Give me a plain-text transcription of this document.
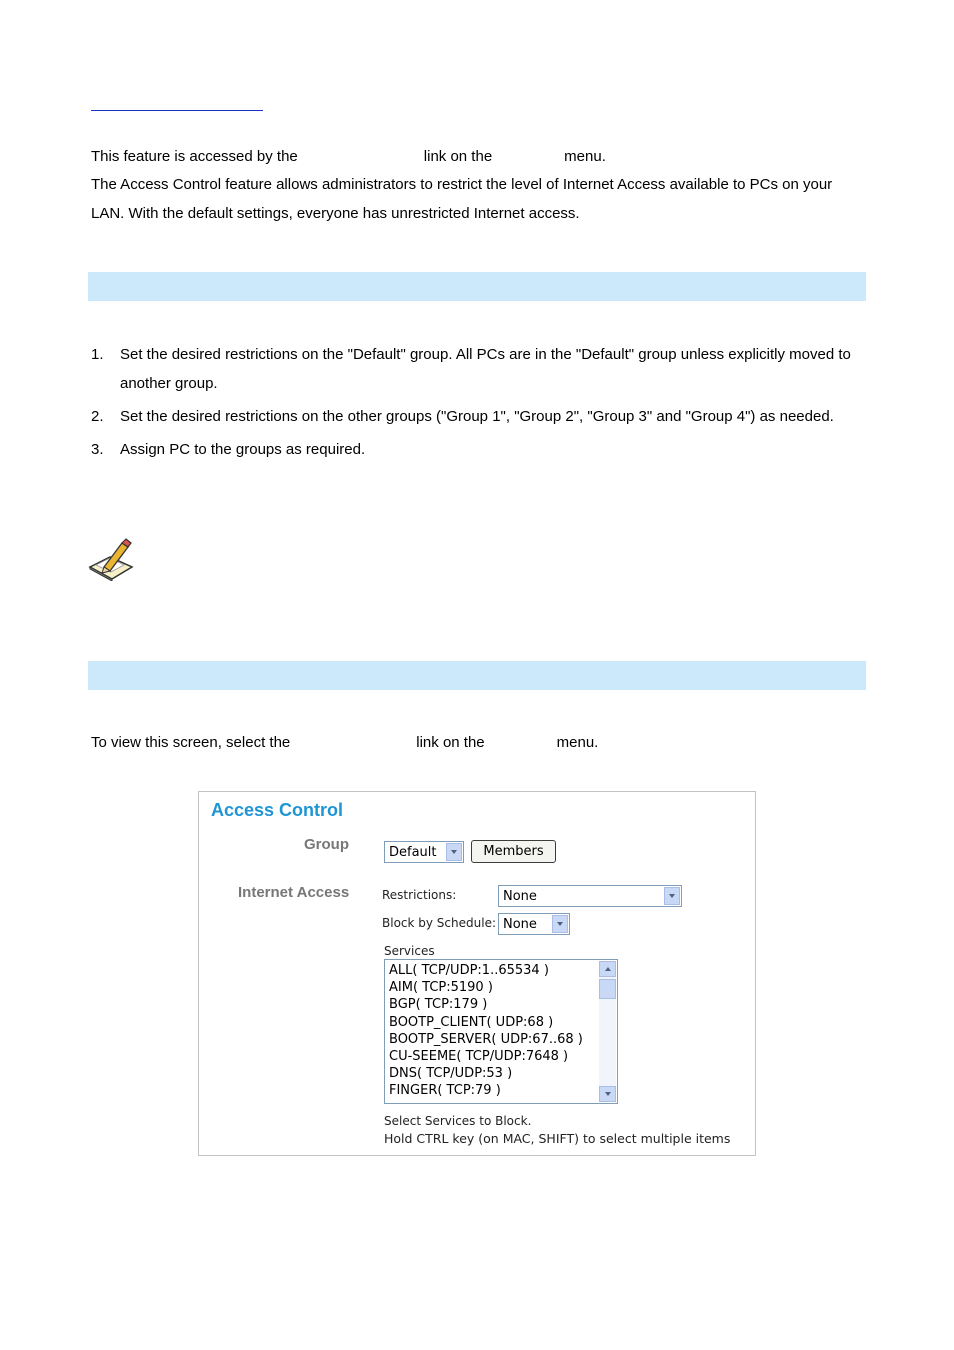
This feature is accessed by the	link on the	menu.

The Access Control feature allows administrators to restrict the level of Internet Access available to PCs on your LAN. With the default settings, everyone has unrestricted Internet access.

1. Set the desired restrictions on the "Default" group. All PCs are in the "Default" group unless explicitly moved to another group.
2. Set the desired restrictions on the other groups ("Group 1", "Group 2", "Group 3" and "Group 4") as needed.
3. Assign PC to the groups as required.

To view this screen, select the	link on the	menu.

Access Control
Group	Default	Members
Internet Access	Restrictions:	None
Block by Schedule: None
Services
ALL( TCP/UDP:1..65534 )
AIM( TCP:5190 )
BGP( TCP:179 )
BOOTP_CLIENT( UDP:68 )
BOOTP_SERVER( UDP:67..68 )
CU-SEEME( TCP/UDP:7648 )
DNS( TCP/UDP:53 )
FINGER( TCP:79 )
Select Services to Block.
Hold CTRL key (on MAC, SHIFT) to select multiple items
